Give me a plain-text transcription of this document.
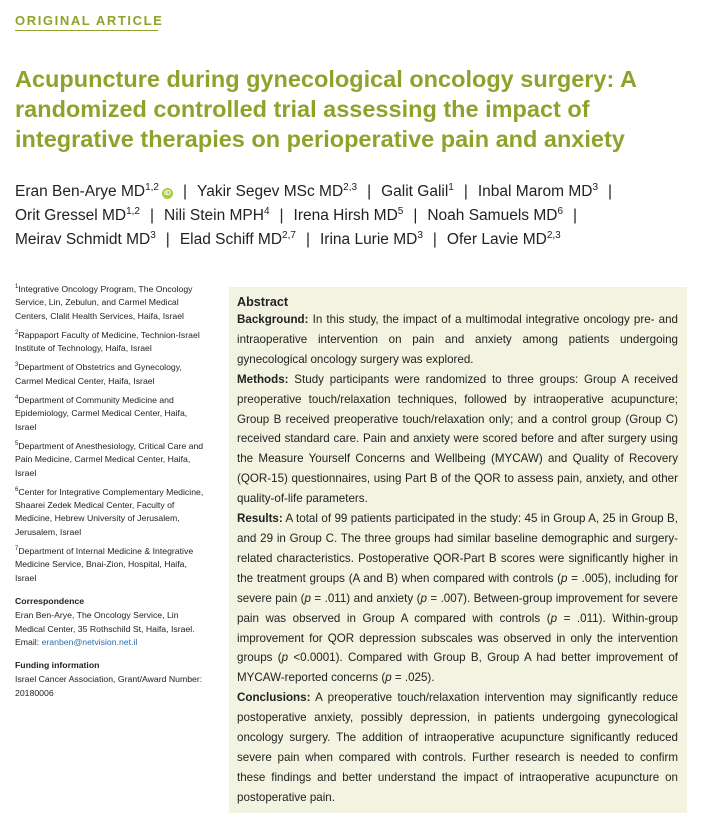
ORIGINAL ARTICLE
Acupuncture during gynecological oncology surgery: A randomized controlled trial assessing the impact of integrative therapies on perioperative pain and anxiety
Eran Ben-Arye MD$^{1,2}$iD | Yakir Segev MSc MD$^{2,3}$ | Galit Galil$^1$ | Inbal Marom $MD^3$ |
Orit Gressel MD$^{1,2}$ | Nili Stein MPH$^4$ | Irena Hirsh $MD^5$ | Noah Samuels $MD^6$ |
Meirav Schmidt $MD^3$ | Elad Schiff MD$^{2,7}$ | Irina Lurie $MD^3$ | Ofer Lavie MD$^{2,3}$
$^1$Integrative Oncology Program, The Oncology Service, Lin, Zebulun, and Carmel Medical Centers, Clalit Health Services, Haifa, Israel
$^2$Rappaport Faculty of Medicine, Technion-Israel Institute of Technology, Haifa, Israel
$^3$Department of Obstetrics and Gynecology, Carmel Medical Center, Haifa, Israel
$^4$Department of Community Medicine and Epidemiology, Carmel Medical Center, Haifa, Israel
$^5$Department of Anesthesiology, Critical Care and Pain Medicine, Carmel Medical Center, Haifa, Israel
$^6$Center for Integrative Complementary Medicine, Shaarei Zedek Medical Center, Faculty of Medicine, Hebrew University of Jerusalem, Jerusalem, Israel
$^7$Department of Internal Medicine & Integrative Medicine Service, Bnai-Zion, Hospital, Haifa, Israel
Correspondence
Eran Ben-Arye, The Oncology Service, Lin Medical Center, 35 Rothschild St, Haifa, Israel.
Email: eranben@netvision.net.il
Funding information
Israel Cancer Association, Grant/Award Number: 20180006
Abstract

Background: In this study, the impact of a multimodal integrative oncology pre- and intraoperative intervention on pain and anxiety among patients undergoing gynecological oncology surgery was explored.

Methods: Study participants were randomized to three groups: Group A received preoperative touch/relaxation techniques, followed by intraoperative acupuncture; Group B received preoperative touch/relaxation only; and a control group (Group C) received standard care. Pain and anxiety were scored before and after surgery using the Measure Yourself Concerns and Wellbeing (MYCAW) and Quality of Recovery (QOR-15) questionnaires, using Part B of the QOR to assess pain, anxiety, and other quality-of-life parameters.

Results: A total of 99 patients participated in the study: 45 in Group A, 25 in Group B, and 29 in Group C. The three groups had similar baseline demographic and surgery-related characteristics. Postoperative QOR-Part B scores were significantly higher in the treatment groups (A and B) when compared with controls (p = .005), including for severe pain (p = .011) and anxiety (p = .007). Between-group improvement for severe pain was observed in Group A compared with controls (p = .011). Within-group improvement for QOR depression subscales was observed in only the intervention groups (p <0.0001). Compared with Group B, Group A had better improvement of MYCAW-reported concerns (p = .025).

Conclusions: A preoperative touch/relaxation intervention may significantly reduce postoperative anxiety, possibly depression, in patients undergoing gynecological oncology surgery. The addition of intraoperative acupuncture significantly reduced severe pain when compared with controls. Further research is needed to confirm these findings and better understand the impact of intraoperative acupuncture on postoperative pain.
